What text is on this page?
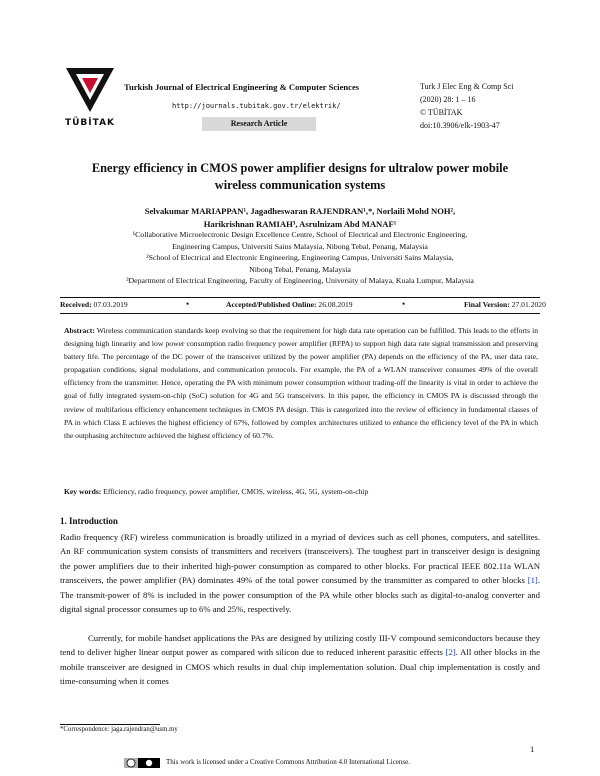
TÜBİTAK
Turkish Journal of Electrical Engineering & Computer Sciences
http://journals.tubitak.gov.tr/elektrik/
Research Article
Turk J Elec Eng & Comp Sci
(2020) 28: 1 – 16
© TÜBİTAK
doi:10.3906/elk-1903-47
Energy efficiency in CMOS power amplifier designs for ultralow power mobile
wireless communication systems
Selvakumar MARIAPPAN¹, Jagadheswaran RAJENDRAN¹,*, Norlaili Mohd NOH²,
Harikrishnan RAMIAH³, Asrulnizam Abd MANAF¹
¹Collaborative Microelectronic Design Excellence Centre, School of Electrical and Electronic Engineering,
Engineering Campus, Universiti Sains Malaysia, Nibong Tebal, Penang, Malaysia
²School of Electrical and Electronic Engineering, Engineering Campus, Universiti Sains Malaysia,
Nibong Tebal, Penang, Malaysia
³Department of Electrical Engineering, Faculty of Engineering, University of Malaya, Kuala Lumpur, Malaysia
Received: 07.03.2019	•	Accepted/Published Online: 26.08.2019	•	Final Version: 27.01.2020
Abstract: Wireless communication standards keep evolving so that the requirement for high data rate operation can be fulfilled. This leads to the efforts in designing high linearity and low power consumption radio frequency power amplifier (RFPA) to support high data rate signal transmission and preserving battery life. The percentage of the DC power of the transceiver utilized by the power amplifier (PA) depends on the efficiency of the PA, user data rate, propagation conditions, signal modulations, and communication protocols. For example, the PA of a WLAN transceiver consumes 49% of the overall efficiency from the transmitter. Hence, operating the PA with minimum power consumption without trading-off the linearity is vital in order to achieve the goal of fully integrated system-on-chip (SoC) solution for 4G and 5G transceivers. In this paper, the efficiency in CMOS PA is discussed through the review of multifarious efficiency enhancement techniques in CMOS PA design. This is categorized into the review of efficiency in fundamental classes of PA in which Class E achieves the highest efficiency of 67%, followed by complex architectures utilized to enhance the efficiency level of the PA in which the outphasing architecture achieved the highest efficiency of 60.7%.
Key words: Efficiency, radio frequency, power amplifier, CMOS, wireless, 4G, 5G, system-on-chip
1. Introduction
Radio frequency (RF) wireless communication is broadly utilized in a myriad of devices such as cell phones, computers, and satellites. An RF communication system consists of transmitters and receivers (transceivers). The toughest part in transceiver design is designing the power amplifiers due to their inherited high-power consumption as compared to other blocks. For practical IEEE 802.11a WLAN transceivers, the power amplifier (PA) dominates 49% of the total power consumed by the transmitter as compared to other blocks [1]. The transmit-power of 8% is included in the power consumption of the PA while other blocks such as digital-to-analog converter and digital signal processor consumes up to 6% and 25%, respectively.
Currently, for mobile handset applications the PAs are designed by utilizing costly III-V compound semiconductors because they tend to deliver higher linear output power as compared with silicon due to reduced inherent parasitic effects [2]. All other blocks in the mobile transceiver are designed in CMOS which results in dual chip implementation solution. Dual chip implementation is costly and time-consuming when it comes
*Correspondence: jaga.rajendran@usm.my
1
This work is licensed under a Creative Commons Attribution 4.0 International License.
